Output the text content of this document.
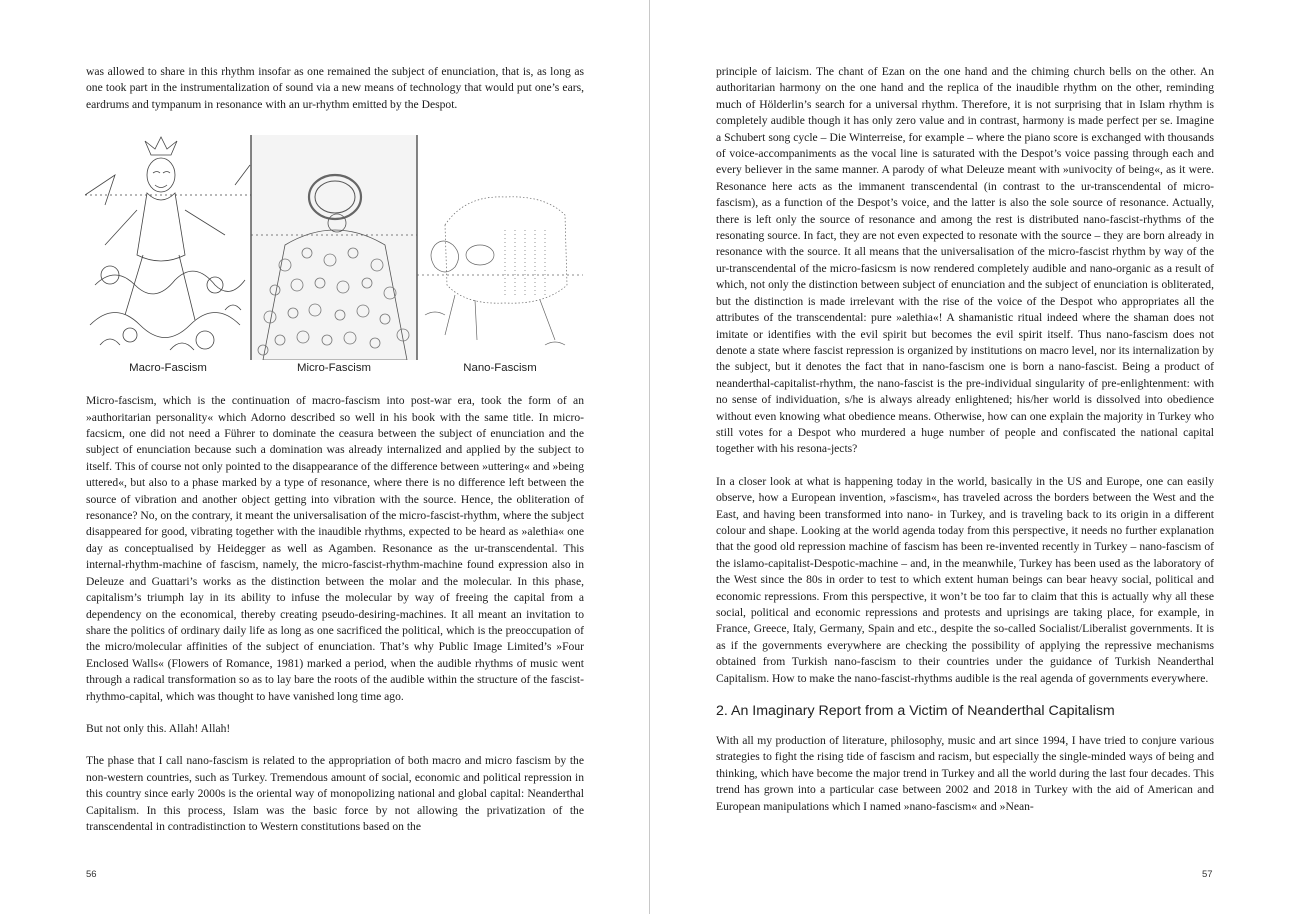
was allowed to share in this rhythm insofar as one remained the subject of enunciation, that is, as long as one took part in the instrumentalization of sound via a new means of technology that would put one’s ears, eardrums and tympanum in resonance with an ur-rhythm emitted by the Despot.

Macro-Fascism	Micro-Fascism	Nano-Fascism

Micro-fascism, which is the continuation of macro-fascism into post-war era, took the form of an »authoritarian personality« which Adorno described so well in his book with the same title. In micro-facsicm, one did not need a Führer to dominate the ceasura between the subject of enunciation and the subject of enunciation because such a domination was already internalized and applied by the subject to itself. This of course not only pointed to the disappearance of the difference between »uttering« and »being uttered«, but also to a phase marked by a type of resonance, where there is no difference left between the source of vibration and another object getting into vibration with the source. Hence, the obliteration of resonance? No, on the contrary, it meant the universalisation of the micro-fascist-rhythm, where the subject disappeared for good, vibrating together with the inaudible rhythms, expected to be heard as »alethia« one day as conceptualised by Heidegger as well as Agamben. Resonance as the ur-transcendental. This internal-rhythm-machine of fascism, namely, the micro-fascist-rhythm-machine found expression also in Deleuze and Guattari’s works as the distinction between the molar and the molecular. In this phase, capitalism’s triumph lay in its ability to infuse the molecular by way of freeing the capital from a dependency on the economical, thereby creating pseudo-desiring-machines. It all meant an invitation to share the politics of ordinary daily life as long as one sacrificed the political, which is the preoccupation of the micro/molecular affinities of the subject of enunciation. That’s why Public Image Limited’s »Four Enclosed Walls« (Flowers of Romance, 1981) marked a period, when the audible rhythms of music went through a radical transformation so as to lay bare the roots of the audible within the structure of the fascist-rhythmo-capital, which was thought to have vanished long time ago.

But not only this. Allah! Allah!

The phase that I call nano-fascism is related to the appropriation of both macro and micro fascism by the non-western countries, such as Turkey. Tremendous amount of social, economic and political repression in this country since early 2000s is the oriental way of monopolizing national and global capital: Neanderthal Capitalism. In this process, Islam was the basic force by not allowing the privatization of the transcendental in contradistinction to Western constitutions based on the

56

principle of laicism. The chant of Ezan on the one hand and the chiming church bells on the other. An authoritarian harmony on the one hand and the replica of the inaudible rhythm on the other, reminding much of Hölderlin’s search for a universal rhythm. Therefore, it is not surprising that in Islam rhythm is completely audible though it has only zero value and in contrast, harmony is made perfect per se. Imagine a Schubert song cycle – Die Winterreise, for example – where the piano score is exchanged with thousands of voice-accompaniments as the vocal line is saturated with the Despot’s voice passing through each and every believer in the same manner. A parody of what Deleuze meant with »univocity of being«, as it were. Resonance here acts as the immanent transcendental (in contrast to the ur-transcendental of micro-fascism), as a function of the Despot’s voice, and the latter is also the sole source of resonance. Actually, there is left only the source of resonance and among the rest is distributed nano-fascist-rhythms of the resonating source. In fact, they are not even expected to resonate with the source – they are born already in resonance with the source. It all means that the universalisation of the micro-fascist rhythm by way of the ur-transcendental of the micro-fasicsm is now rendered completely audible and nano-organic as a result of which, not only the distinction between subject of enunciation and the subject of enunciation is obliterated, but the distinction is made irrelevant with the rise of the voice of the Despot who appropriates all the attributes of the transcendental: pure »alethia«! A shamanistic ritual indeed where the shaman does not imitate or identifies with the evil spirit but becomes the evil spirit itself. Thus nano-fascism does not denote a state where fascist repression is organized by institutions on macro level, nor its internalization by the subject, but it denotes the fact that in nano-fascism one is born a nano-fascist. Being a product of neanderthal-capitalist-rhythm, the nano-fascist is the pre-individual singularity of pre-enlightenment: with no sense of individuation, s/he is always already enlightened; his/her world is dissolved into obedience without even knowing what obedience means. Otherwise, how can one explain the majority in Turkey who still votes for a Despot who murdered a huge number of people and confiscated the national capital together with his resona-jects?

In a closer look at what is happening today in the world, basically in the US and Europe, one can easily observe, how a European invention, »fascism«, has traveled across the borders between the West and the East, and having been transformed into nano- in Turkey, and is traveling back to its origin in a different colour and shape. Looking at the world agenda today from this perspective, it needs no further explanation that the good old repression machine of fascism has been re-invented recently in Turkey – nano-fascism of the islamo-capitalist-Despotic-machine – and, in the meanwhile, Turkey has been used as the laboratory of the West since the 80s in order to test to which extent human beings can bear heavy social, political and economic repressions. From this perspective, it won’t be too far to claim that this is actually why all these social, political and economic repressions and protests and uprisings are taking place, for example, in France, Greece, Italy, Germany, Spain and etc., despite the so-called Socialist/Liberalist governments. It is as if the governments everywhere are checking the possibility of applying the repressive mechanisms obtained from Turkish nano-fascism to their countries under the guidance of Turkish Neanderthal Capitalism. How to make the nano-fascist-rhythms audible is the real agenda of governments everywhere.

2. An Imaginary Report from a Victim of Neanderthal Capitalism

With all my production of literature, philosophy, music and art since 1994, I have tried to conjure various strategies to fight the rising tide of fascism and racism, but especially the single-minded ways of being and thinking, which have become the major trend in Turkey and all the world during the last four decades. This trend has grown into a particular case between 2002 and 2018 in Turkey with the aid of American and European manipulations which I named »nano-fascism« and »Nean-

57
